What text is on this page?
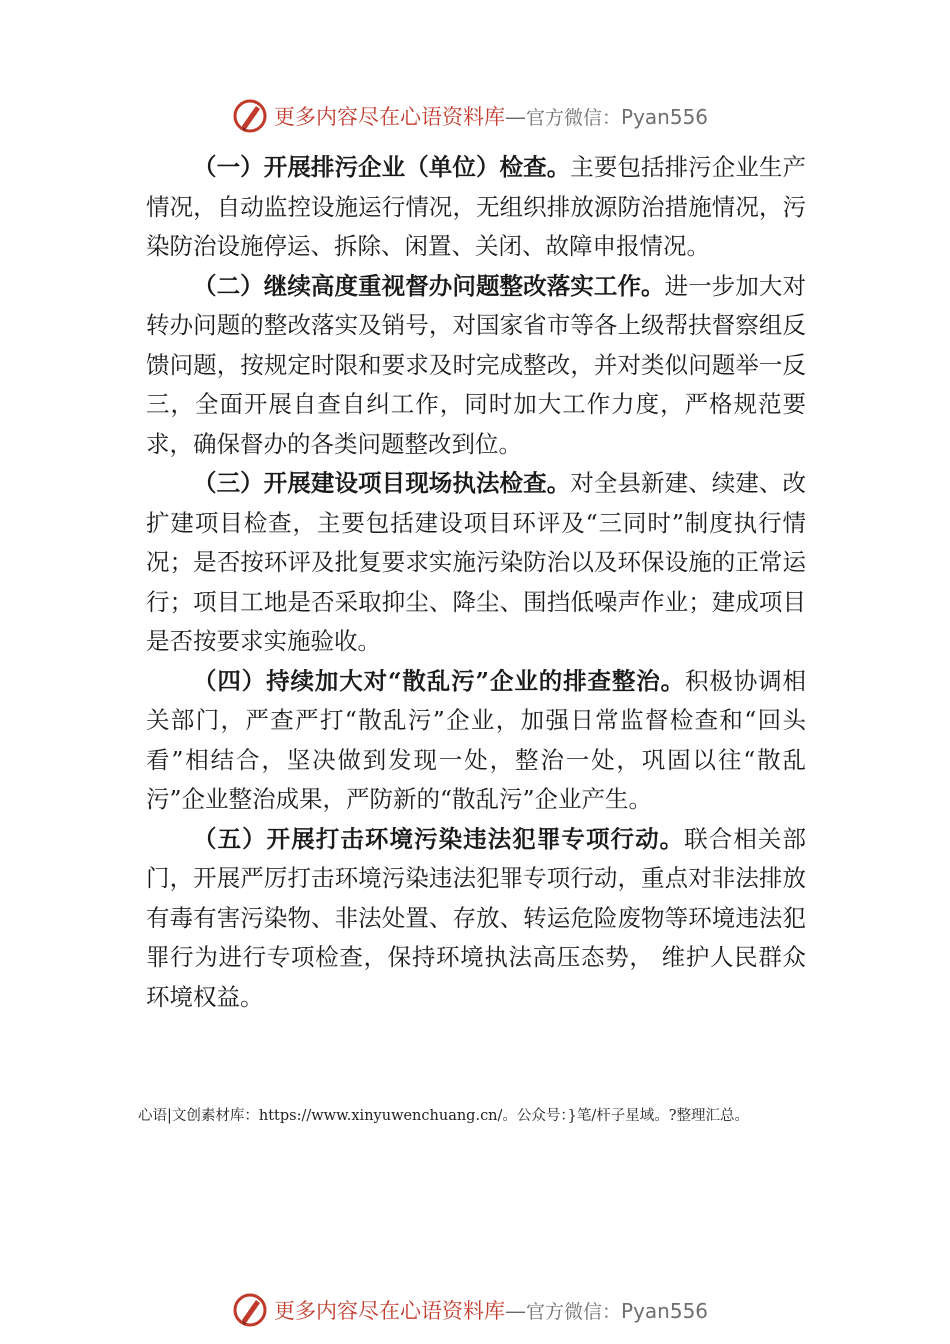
更多内容尽在心语资料库—官方微信：Pyan556

（一）开展排污企业（单位）检查。主要包括排污企业生产情况，自动监控设施运行情况，无组织排放源防治措施情况，污染防治设施停运、拆除、闲置、关闭、故障申报情况。

（二）继续高度重视督办问题整改落实工作。进一步加大对转办问题的整改落实及销号，对国家省市等各上级帮扶督察组反馈问题，按规定时限和要求及时完成整改，并对类似问题举一反三，全面开展自查自纠工作，同时加大工作力度，严格规范要求，确保督办的各类问题整改到位。

（三）开展建设项目现场执法检查。对全县新建、续建、改扩建项目检查，主要包括建设项目环评及“三同时”制度执行情况；是否按环评及批复要求实施污染防治以及环保设施的正常运行；项目工地是否采取抑尘、降尘、围挡低噪声作业；建成项目是否按要求实施验收。

（四）持续加大对“散乱污”企业的排查整治。积极协调相关部门，严查严打“散乱污”企业，加强日常监督检查和“回头看”相结合，坚决做到发现一处，整治一处，巩固以往“散乱污”企业整治成果，严防新的“散乱污”企业产生。

（五）开展打击环境污染违法犯罪专项行动。联合相关部门，开展严厉打击环境污染违法犯罪专项行动，重点对非法排放有毒有害污染物、非法处置、存放、转运危险废物等环境违法犯罪行为进行专项检查，保持环境执法高压态势， 维护人民群众环境权益。

心语|文创素材库：https://www.xinyuwenchuang.cn/。公众号：}笔/杆子星域。?整理汇总。
更多内容尽在心语资料库—官方微信：Pyan556
